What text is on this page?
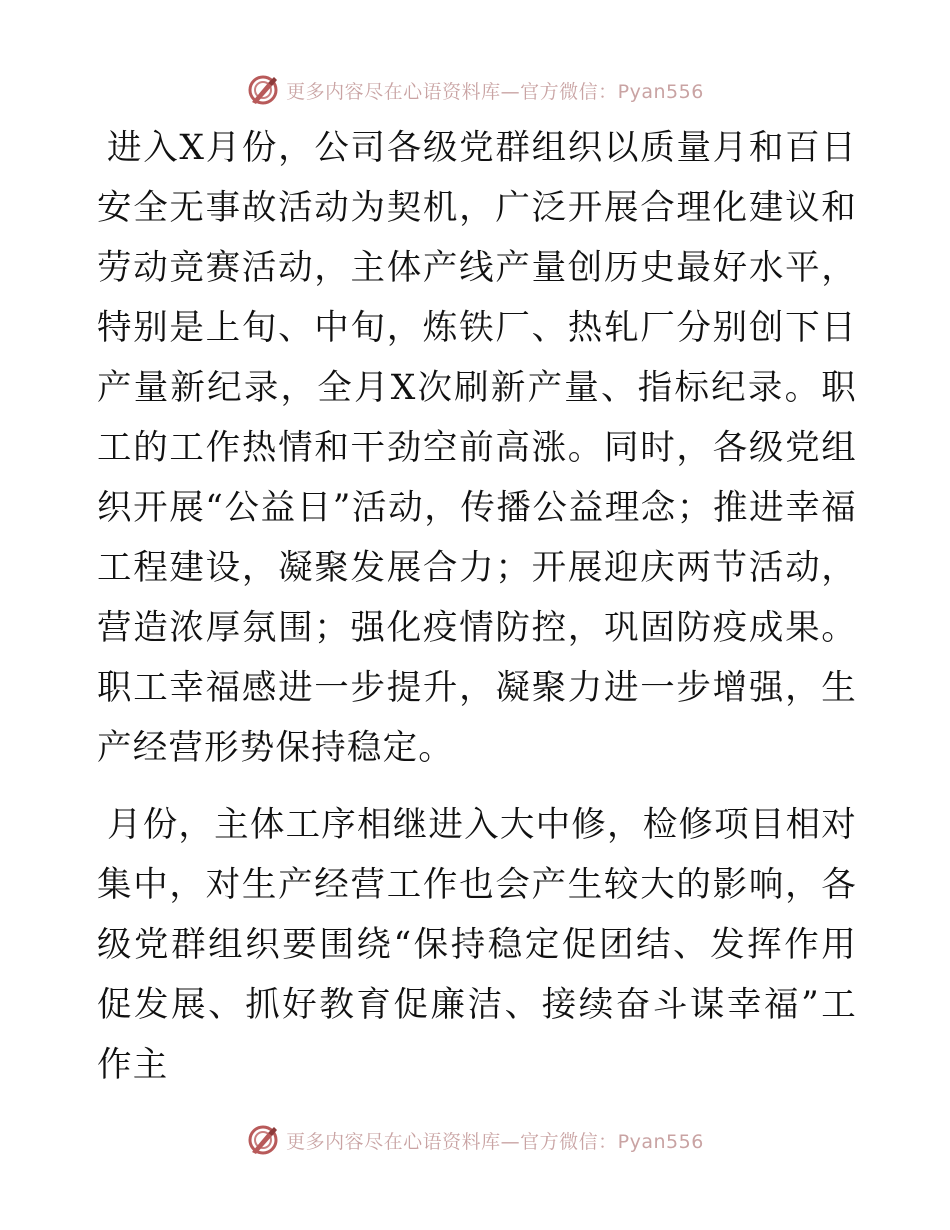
更多内容尽在心语资料库—官方微信：Pyan556

进入X月份，公司各级党群组织以质量月和百日安全无事故活动为契机，广泛开展合理化建议和劳动竞赛活动，主体产线产量创历史最好水平，特别是上旬、中旬，炼铁厂、热轧厂分别创下日产量新纪录，全月X次刷新产量、指标纪录。职工的工作热情和干劲空前高涨。同时，各级党组织开展“公益日”活动，传播公益理念；推进幸福工程建设，凝聚发展合力；开展迎庆两节活动，营造浓厚氛围；强化疫情防控，巩固防疫成果。职工幸福感进一步提升，凝聚力进一步增强，生产经营形势保持稳定。

月份，主体工序相继进入大中修，检修项目相对集中，对生产经营工作也会产生较大的影响，各级党群组织要围绕“保持稳定促团结、发挥作用促发展、抓好教育促廉洁、接续奋斗谋幸福”工作主

更多内容尽在心语资料库—官方微信：Pyan556
